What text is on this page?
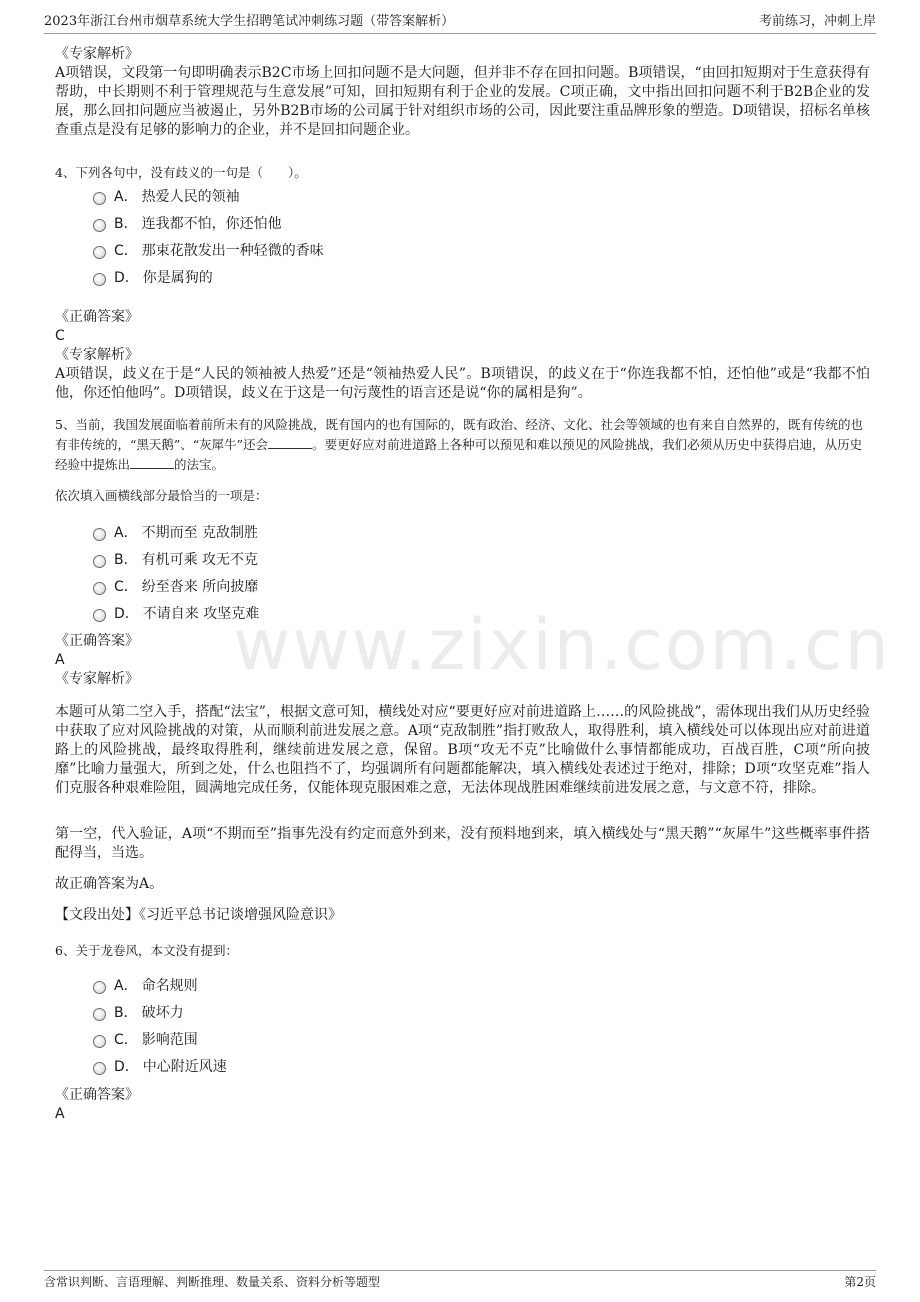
2023年浙江台州市烟草系统大学生招聘笔试冲刺练习题（带答案解析）	考前练习，冲刺上岸
www.zixin.com.cn
《专家解析》
A项错误，文段第一句即明确表示B2C市场上回扣问题不是大问题，但并非不存在回扣问题。B项错误，“由回扣短期对于生意获得有帮助，中长期则不利于管理规范与生意发展”可知，回扣短期有利于企业的发展。C项正确，文中指出回扣问题不利于B2B企业的发展，那么回扣问题应当被遏止，另外B2B市场的公司属于针对组织市场的公司，因此要注重品牌形象的塑造。D项错误，招标名单核查重点是没有足够的影响力的企业，并不是回扣问题企业。
4、下列各句中，没有歧义的一句是（　　）。
A． 热爱人民的领袖
B． 连我都不怕，你还怕他
C． 那束花散发出一种轻微的香味
D． 你是属狗的
《正确答案》
C
《专家解析》
A项错误，歧义在于是“人民的领袖被人热爱”还是“领袖热爱人民”。B项错误，的歧义在于“你连我都不怕，还怕他”或是“我都不怕他，你还怕他吗”。D项错误，歧义在于这是一句污蔑性的语言还是说“你的属相是狗”。
5、当前，我国发展面临着前所未有的风险挑战，既有国内的也有国际的，既有政治、经济、文化、社会等领域的也有来自自然界的，既有传统的也有非传统的，“黑天鹅”、“灰犀牛”还会	。要更好应对前进道路上各种可以预见和难以预见的风险挑战，我们必须从历史中获得启迪，从历史经验中提炼出	的法宝。
依次填入画横线部分最恰当的一项是：
A． 不期而至 克敌制胜
B． 有机可乘 攻无不克
C． 纷至沓来 所向披靡
D． 不请自来 攻坚克难
《正确答案》
A
《专家解析》
本题可从第二空入手，搭配“法宝”，根据文意可知，横线处对应“要更好应对前进道路上……的风险挑战”，需体现出我们从历史经验中获取了应对风险挑战的对策，从而顺利前进发展之意。A项“克敌制胜”指打败敌人，取得胜利，填入横线处可以体现出应对前进道路上的风险挑战，最终取得胜利，继续前进发展之意，保留。B项“攻无不克”比喻做什么事情都能成功，百战百胜，C项“所向披靡”比喻力量强大，所到之处，什么也阻挡不了，均强调所有问题都能解决，填入横线处表述过于绝对，排除；D项“攻坚克难”指人们克服各种艰难险阻，圆满地完成任务，仅能体现克服困难之意，无法体现战胜困难继续前进发展之意，与文意不符，排除。
第一空，代入验证，A项“不期而至”指事先没有约定而意外到来，没有预料地到来，填入横线处与“黑天鹅”“灰犀牛”这些概率事件搭配得当，当选。
故正确答案为A。
【文段出处】《习近平总书记谈增强风险意识》
6、关于龙卷风，本文没有提到：
A． 命名规则
B． 破坏力
C． 影响范围
D． 中心附近风速
《正确答案》
A
含常识判断、言语理解、判断推理、数量关系、资料分析等题型	第2页
